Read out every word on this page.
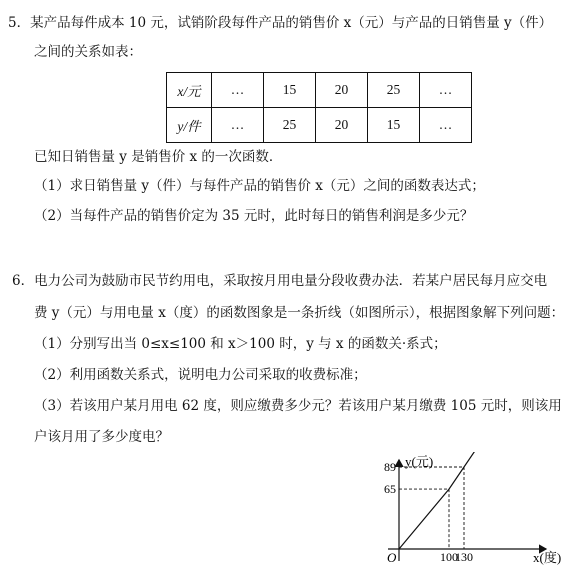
5．某产品每件成本 10 元，试销阶段每件产品的销售价 x（元）与产品的日销售量 y（件）
之间的关系如表：
x/元	…	15	20	25	…
y/件	…	25	20	15	…
已知日销售量 y 是销售价 x 的一次函数．
（1）求日销售量 y（件）与每件产品的销售价 x（元）之间的函数表达式；
（2）当每件产品的销售价定为 35 元时，此时每日的销售利润是多少元？
6．电力公司为鼓励市民节约用电，采取按月用电量分段收费办法．若某户居民每月应交电
费 y（元）与用电量 x（度）的函数图象是一条折线（如图所示），根据图象解下列问题：
（1）分别写出当 0≤x≤100 和 x＞100 时，y 与 x 的函数关·系式；
（2）利用函数关系式，说明电力公司采取的收费标准；
（3）若该用户某月用电 62 度，则应缴费多少元？若该用户某月缴费 105 元时，则该用
户该月用了多少度电？
y(元)
x(度)
O	100
130
65
89
